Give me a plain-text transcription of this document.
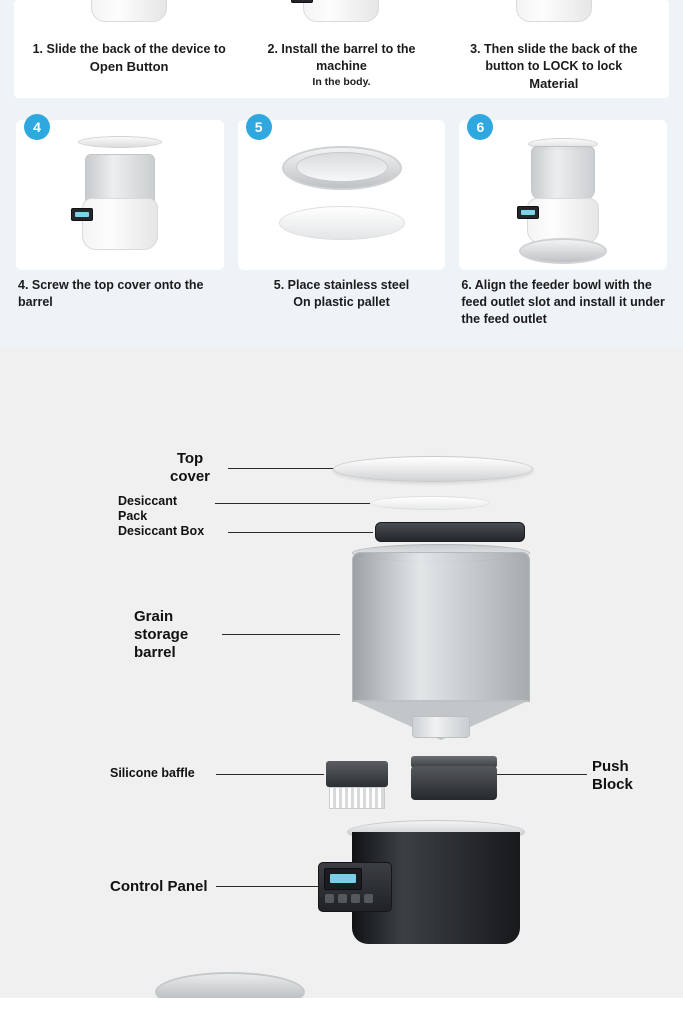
1. Slide the back of the device to
Open Button
2. Install the barrel to the machine
In the body.
3. Then slide the back of the button to LOCK to lock
Material
4
4. Screw the top cover onto the barrel
5
5. Place stainless steel
On plastic pallet
6
6. Align the feeder bowl with the feed outlet slot and install it under the feed outlet
Top cover
Desiccant Pack
Desiccant Box
Grain storage barrel
Silicone baffle	Push Block
Control Panel
